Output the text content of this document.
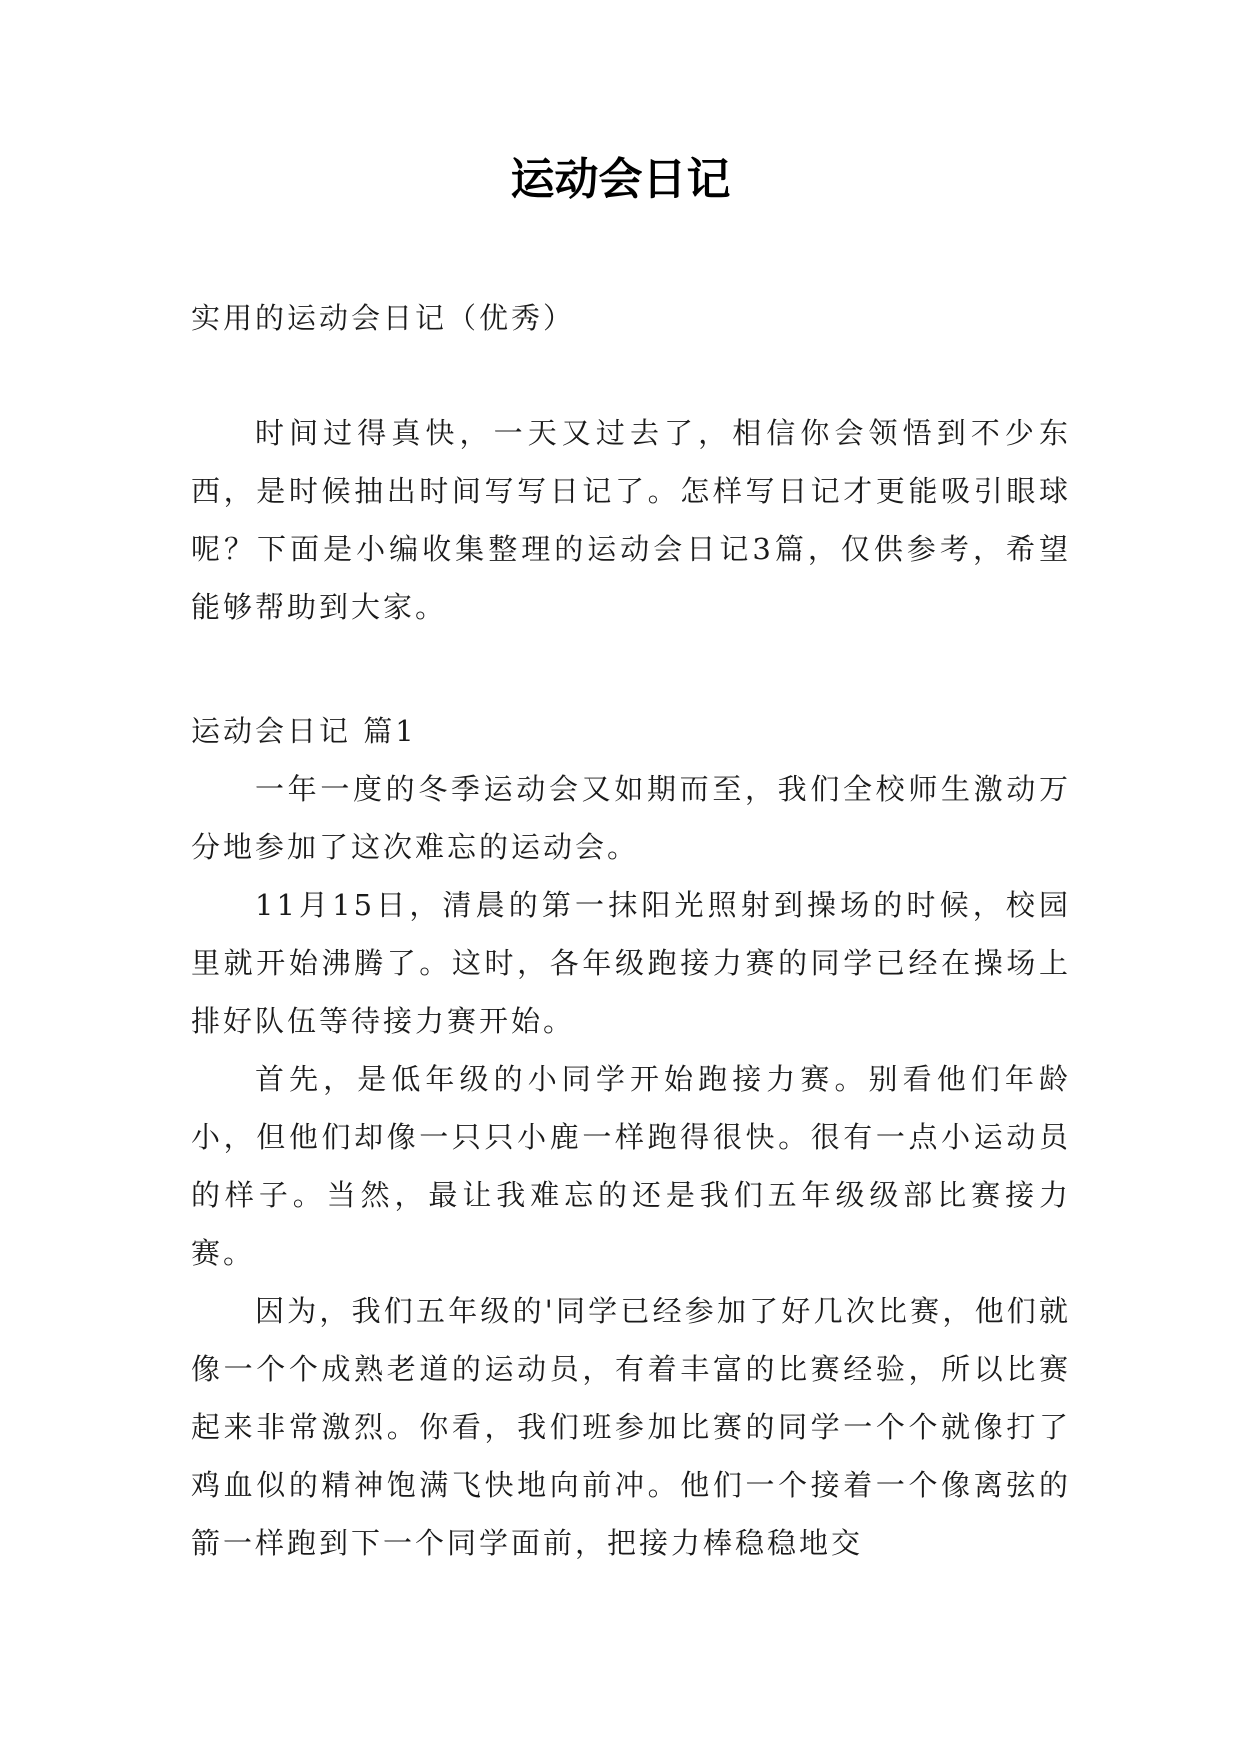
运动会日记
实用的运动会日记（优秀）

时间过得真快，一天又过去了，相信你会领悟到不少东西，是时候抽出时间写写日记了。怎样写日记才更能吸引眼球呢？下面是小编收集整理的运动会日记3篇，仅供参考，希望能够帮助到大家。

运动会日记 篇1

一年一度的冬季运动会又如期而至，我们全校师生激动万分地参加了这次难忘的运动会。

11月15日，清晨的第一抹阳光照射到操场的时候，校园里就开始沸腾了。这时，各年级跑接力赛的同学已经在操场上排好队伍等待接力赛开始。

首先，是低年级的小同学开始跑接力赛。别看他们年龄小，但他们却像一只只小鹿一样跑得很快。很有一点小运动员的样子。当然，最让我难忘的还是我们五年级级部比赛接力赛。

因为，我们五年级的'同学已经参加了好几次比赛，他们就像一个个成熟老道的运动员，有着丰富的比赛经验，所以比赛起来非常激烈。你看，我们班参加比赛的同学一个个就像打了鸡血似的精神饱满飞快地向前冲。他们一个接着一个像离弦的箭一样跑到下一个同学面前，把接力棒稳稳地交
